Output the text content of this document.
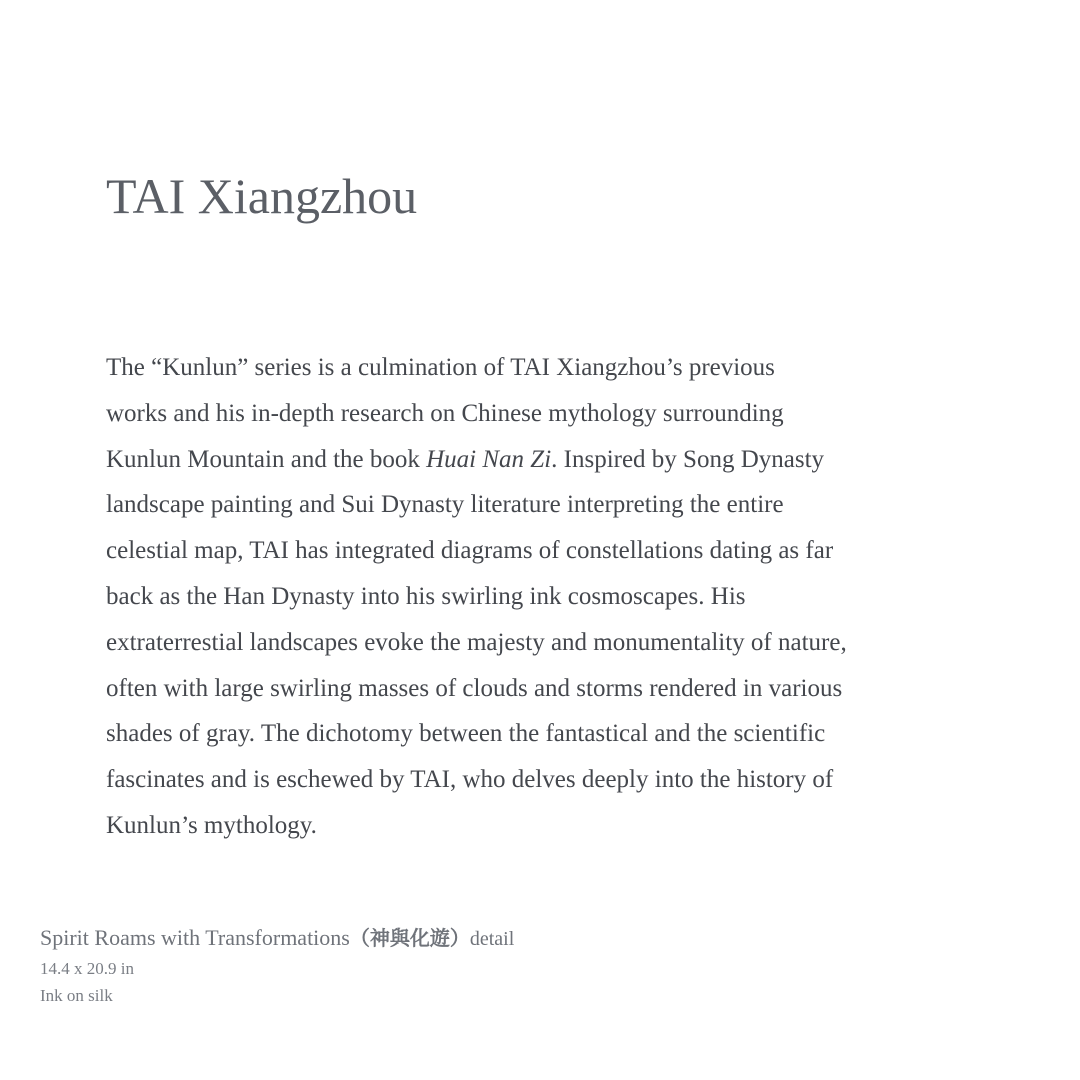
TAI Xiangzhou
The “Kunlun” series is a culmination of TAI Xiangzhou’s previous
works and his in-depth research on Chinese mythology surrounding
Kunlun Mountain and the book Huai Nan Zi. Inspired by Song Dynasty
landscape painting and Sui Dynasty literature interpreting the entire
celestial map, TAI has integrated diagrams of constellations dating as far
back as the Han Dynasty into his swirling ink cosmoscapes. His
extraterrestial landscapes evoke the majesty and monumentality of nature,
often with large swirling masses of clouds and storms rendered in various
shades of gray. The dichotomy between the fantastical and the scientific
fascinates and is eschewed by TAI, who delves deeply into the history of
Kunlun’s mythology.
Spirit Roams with Transformations（神與化遊）detail
14.4 x 20.9 in
Ink on silk
